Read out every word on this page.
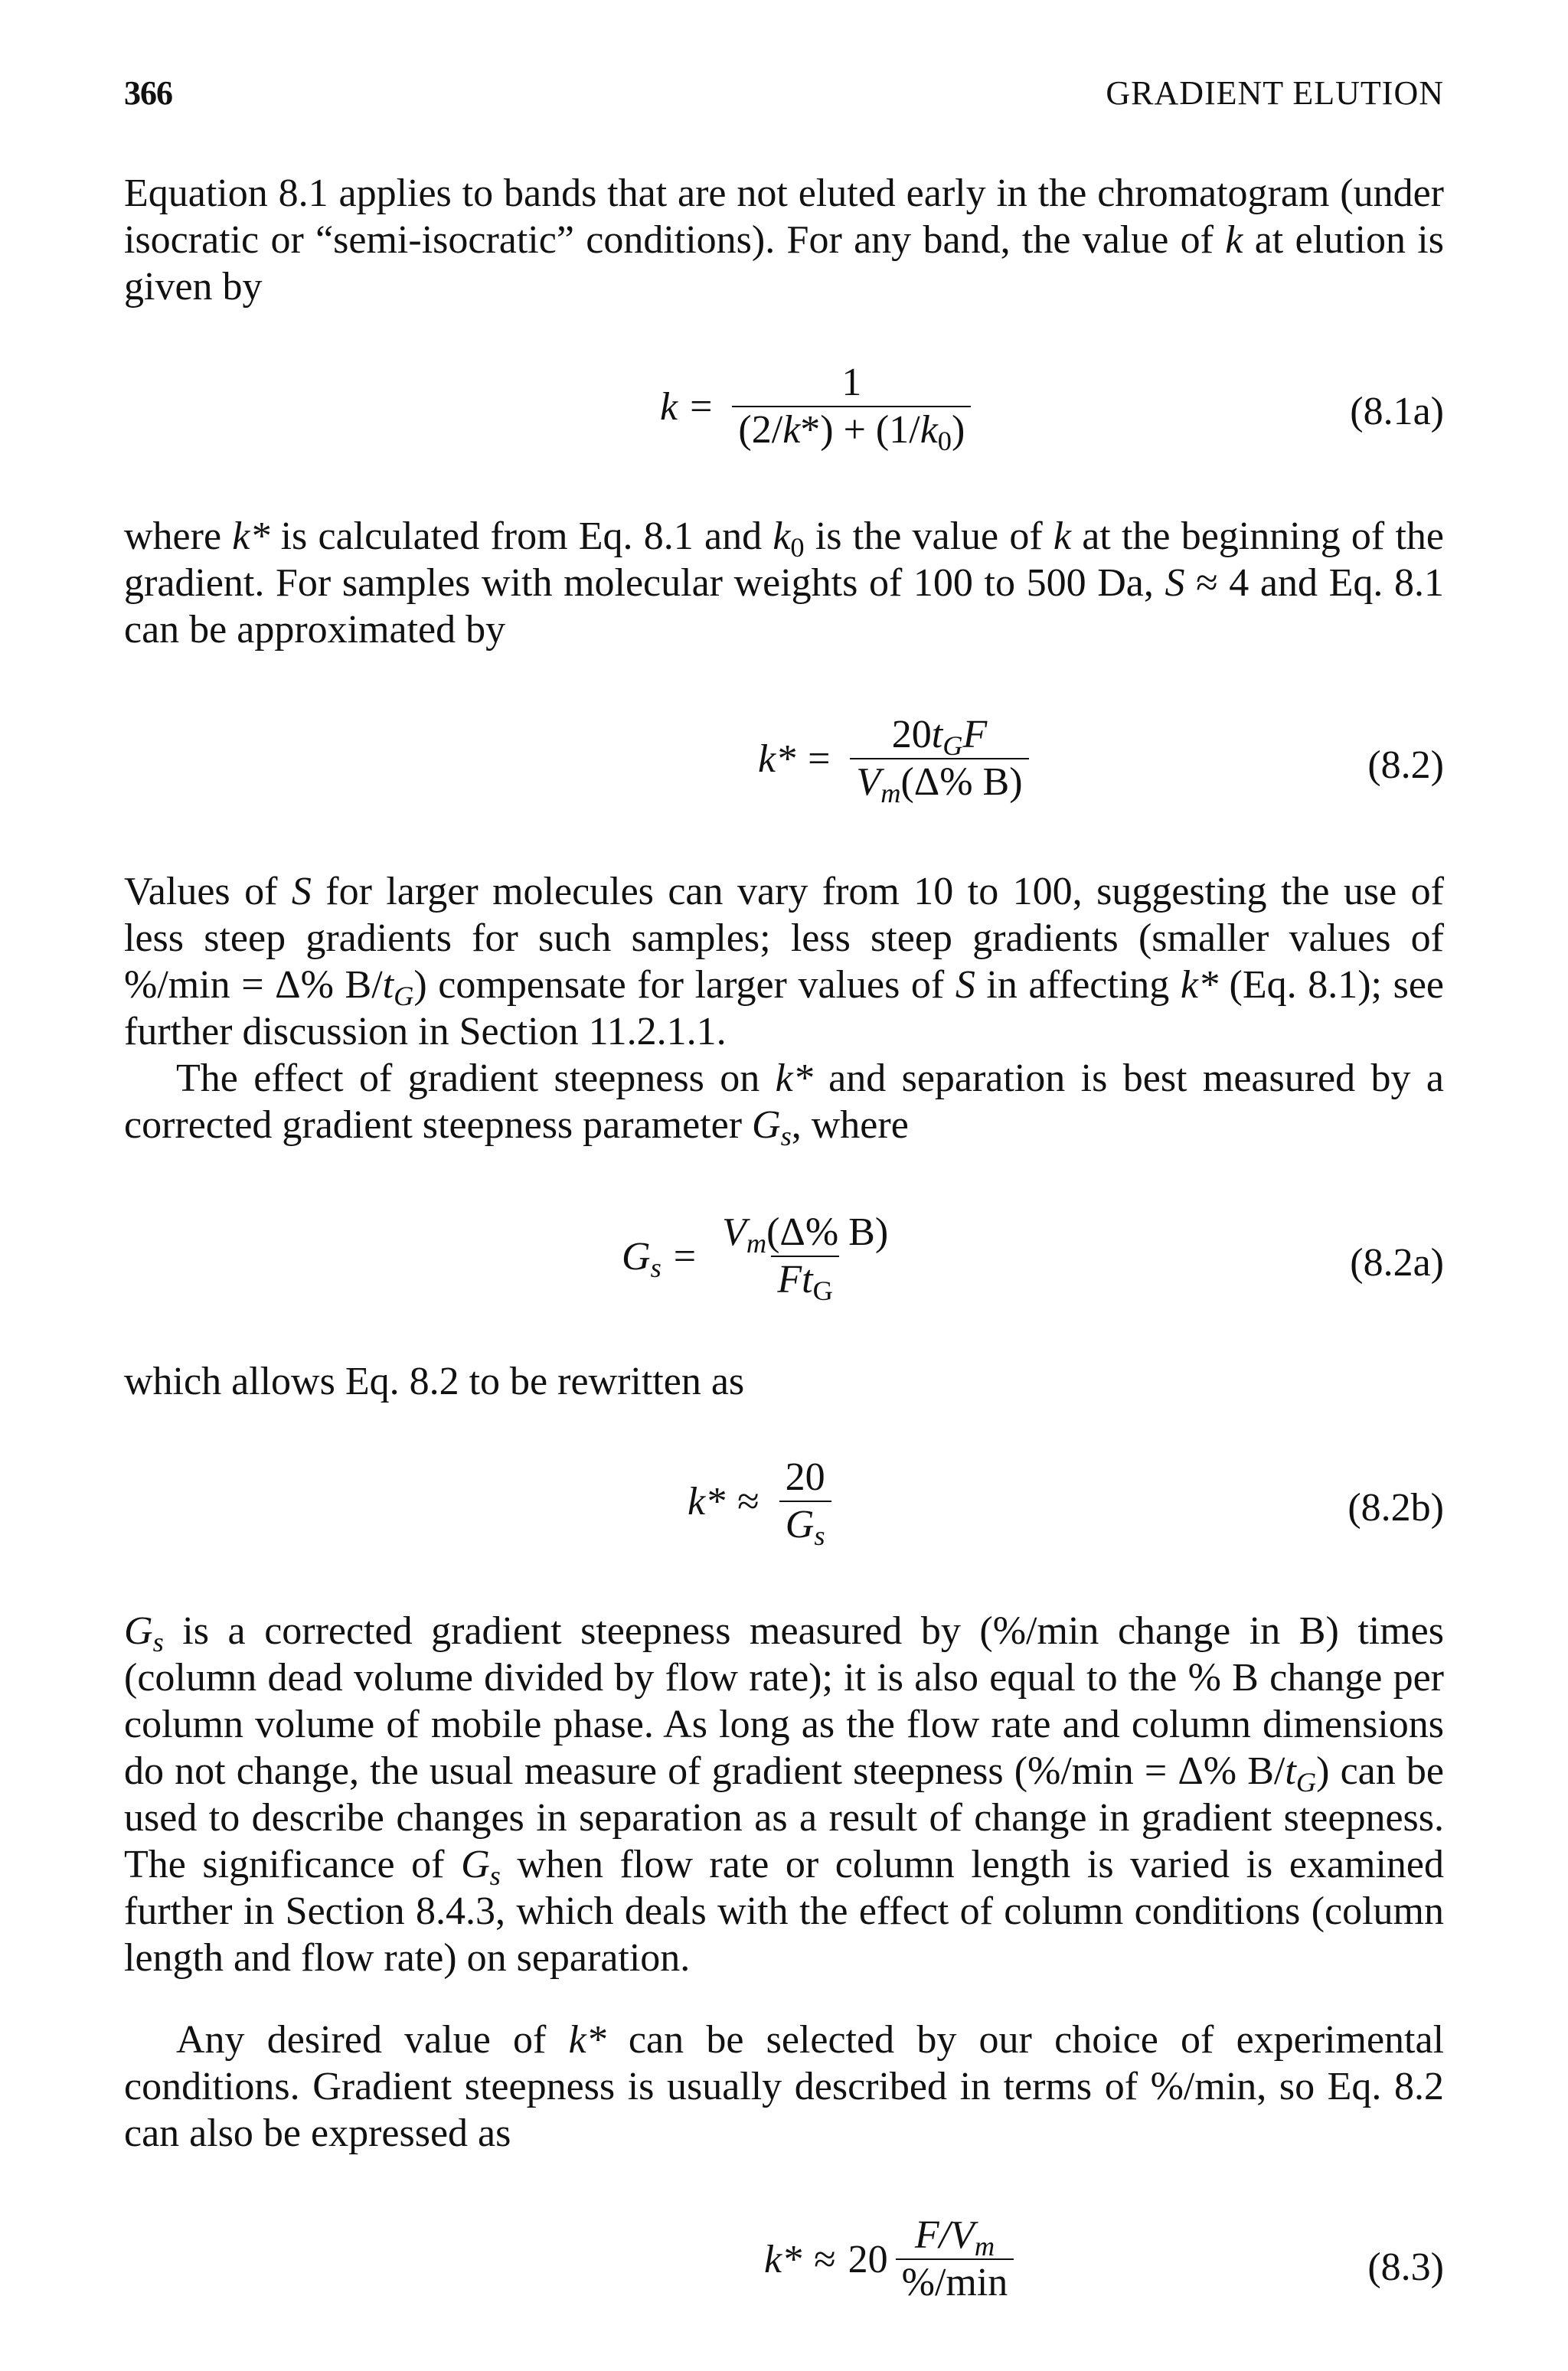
366	GRADIENT ELUTION

Equation 8.1 applies to bands that are not eluted early in the chromatogram (under isocratic or “semi-isocratic” conditions). For any band, the value of k at elution is given by

$k = \frac{1}{(2/k*) + (1/k_0)}$	(8.1a)

where k* is calculated from Eq. 8.1 and $k_0$ is the value of k at the beginning of the gradient. For samples with molecular weights of 100 to 500 Da, S ≈ 4 and Eq. 8.1 can be approximated by

$k* = \frac{20t_GF}{V_m(\Delta\% B)}$	(8.2)

Values of S for larger molecules can vary from 10 to 100, suggesting the use of less steep gradients for such samples; less steep gradients (smaller values of %/min = Δ% $B/t_G$) compensate for larger values of S in affecting k* (Eq. 8.1); see further discussion in Section 11.2.1.1.

The effect of gradient steepness on k* and separation is best measured by a corrected gradient steepness parameter $G_s$, where

$G_s = \frac{V_m(\Delta\% B)}{Ft_G}$	(8.2a)

which allows Eq. 8.2 to be rewritten as

$k* \approx \frac{20}{G_s}$	(8.2b)

$G_s$ is a corrected gradient steepness measured by (%/min change in B) times (column dead volume divided by flow rate); it is also equal to the % B change per column volume of mobile phase. As long as the flow rate and column dimensions do not change, the usual measure of gradient steepness (%/min = Δ% $B/t_G$) can be used to describe changes in separation as a result of change in gradient steepness. The significance of $G_s$ when flow rate or column length is varied is examined further in Section 8.4.3, which deals with the effect of column conditions (column length and flow rate) on separation.

Any desired value of k* can be selected by our choice of experimental conditions. Gradient steepness is usually described in terms of %/min, so Eq. 8.2 can also be expressed as

$k* \approx 20 \frac{F/V_m}{\%/\min}$	(8.3)
